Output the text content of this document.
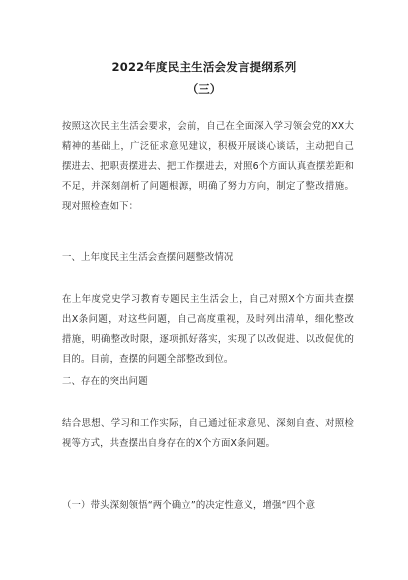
2022年度民主生活会发言提纲系列
（三）

按照这次民主生活会要求，会前，自己在全面深入学习领会党的XX大精神的基础上，广泛征求意见建议，积极开展谈心谈话，主动把自己摆进去、把职责摆进去、把工作摆进去，对照6个方面认真查摆差距和不足，并深刻剖析了问题根源，明确了努力方向，制定了整改措施。现对照检查如下：

一、上年度民主生活会查摆问题整改情况

在上年度党史学习教育专题民主生活会上，自己对照X个方面共查摆出X条问题，对这些问题，自己高度重视，及时列出清单，细化整改措施，明确整改时限，逐项抓好落实，实现了以改促进、以改促优的目的。目前，查摆的问题全部整改到位。

二、存在的突出问题

结合思想、学习和工作实际，自己通过征求意见、深刻自查、对照检视等方式，共查摆出自身存在的X个方面X条问题。

（一）带头深刻领悟“两个确立”的决定性意义，增强“四个意
